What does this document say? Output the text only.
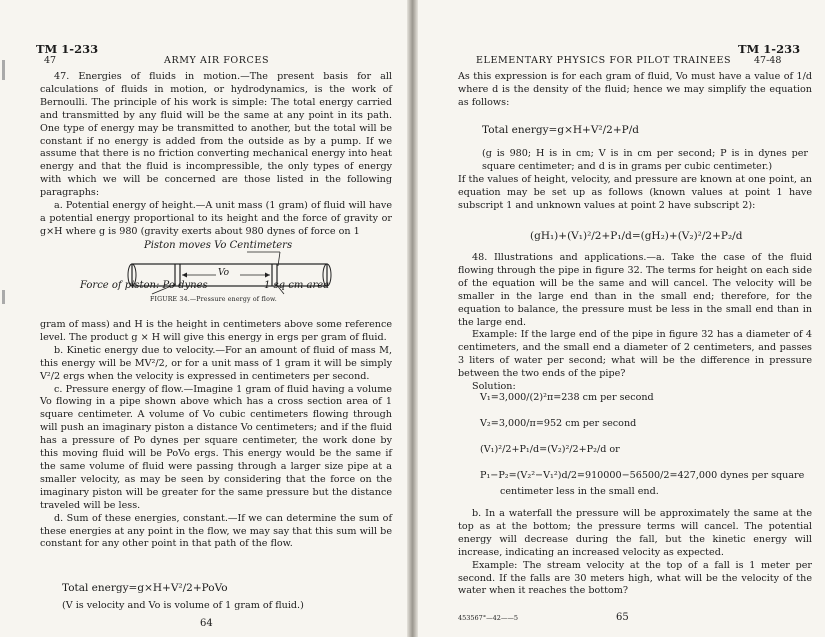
TM 1-233
47	ARMY AIR FORCES

47. Energies of fluids in motion.—The present basis for all calculations of fluids in motion, or hydrodynamics, is the work of Bernoulli. The principle of his work is simple: The total energy carried and transmitted by any fluid will be the same at any point in its path. One type of energy may be transmitted to another, but the total will be constant if no energy is added from the outside as by a pump. If we assume that there is no friction converting mechanical energy into heat energy and that the fluid is incompressible, the only types of energy with which we will be concerned are those listed in the following paragraphs:

a. Potential energy of height.—A unit mass (1 gram) of fluid will have a potential energy proportional to its height and the force of gravity or g×H where g is 980 (gravity exerts about 980 dynes of force on 1

Piston moves Vo Centimeters
Vo
Force of piston: Po dynes	1 sq cm area
FIGURE 34.—Pressure energy of flow.

gram of mass) and H is the height in centimeters above some reference level. The product g × H will give this energy in ergs per gram of fluid.

b. Kinetic energy due to velocity.—For an amount of fluid of mass M, this energy will be MV²/2, or for a unit mass of 1 gram it will be simply V²/2 ergs when the velocity is expressed in centimeters per second.

c. Pressure energy of flow.—Imagine 1 gram of fluid having a volume Vo flowing in a pipe shown above which has a cross section area of 1 square centimeter. A volume of Vo cubic centimeters flowing through will push an imaginary piston a distance Vo centimeters; and if the fluid has a pressure of Po dynes per square centimeter, the work done by this moving fluid will be PoVo ergs. This energy would be the same if the same volume of fluid were passing through a larger size pipe at a smaller velocity, as may be seen by considering that the force on the imaginary piston will be greater for the same pressure but the distance traveled will be less.

d. Sum of these energies, constant.—If we can determine the sum of these energies at any point in the flow, we may say that this sum will be constant for any other point in that path of the flow.

Total energy=g×H+V²/2+PoVo
(V is velocity and Vo is volume of 1 gram of fluid.)
64
TM 1-233
ELEMENTARY PHYSICS FOR PILOT TRAINEES 47-48

As this expression is for each gram of fluid, Vo must have a value of 1/d where d is the density of the fluid; hence we may simplify the equation as follows:

Total energy=g×H+V²/2+P/d

(g is 980; H is in cm; V is in cm per second; P is in dynes per square centimeter; and d is in grams per cubic centimeter.)

If the values of height, velocity, and pressure are known at one point, an equation may be set up as follows (known values at point 1 have subscript 1 and unknown values at point 2 have subscript 2):

(gH₁)+(V₁)²/2+P₁/d=(gH₂)+(V₂)²/2+P₂/d

48. Illustrations and applications.—a. Take the case of the fluid flowing through the pipe in figure 32. The terms for height on each side of the equation will be the same and will cancel. The velocity will be smaller in the large end than in the small end; therefore, for the equation to balance, the pressure must be less in the small end than in the large end.

Example: If the large end of the pipe in figure 32 has a diameter of 4 centimeters, and the small end a diameter of 2 centimeters, and passes 3 liters of water per second; what will be the difference in pressure between the two ends of the pipe?

Solution:

V₁=3,000/(2)²π=238 cm per second
V₂=3,000/π=952 cm per second
(V₁)²/2+P₁/d=(V₂)²/2+P₂/d or
P₁−P₂=(V₂²−V₁²)d/2=910000−56500/2=427,000 dynes per square
centimeter less in the small end.

b. In a waterfall the pressure will be approximately the same at the top as at the bottom; the pressure terms will cancel. The potential energy will decrease during the fall, but the kinetic energy will increase, indicating an increased velocity as expected.

Example: The stream velocity at the top of a fall is 1 meter per second. If the falls are 30 meters high, what will be the velocity of the water when it reaches the bottom?

453567°—42——5	65
